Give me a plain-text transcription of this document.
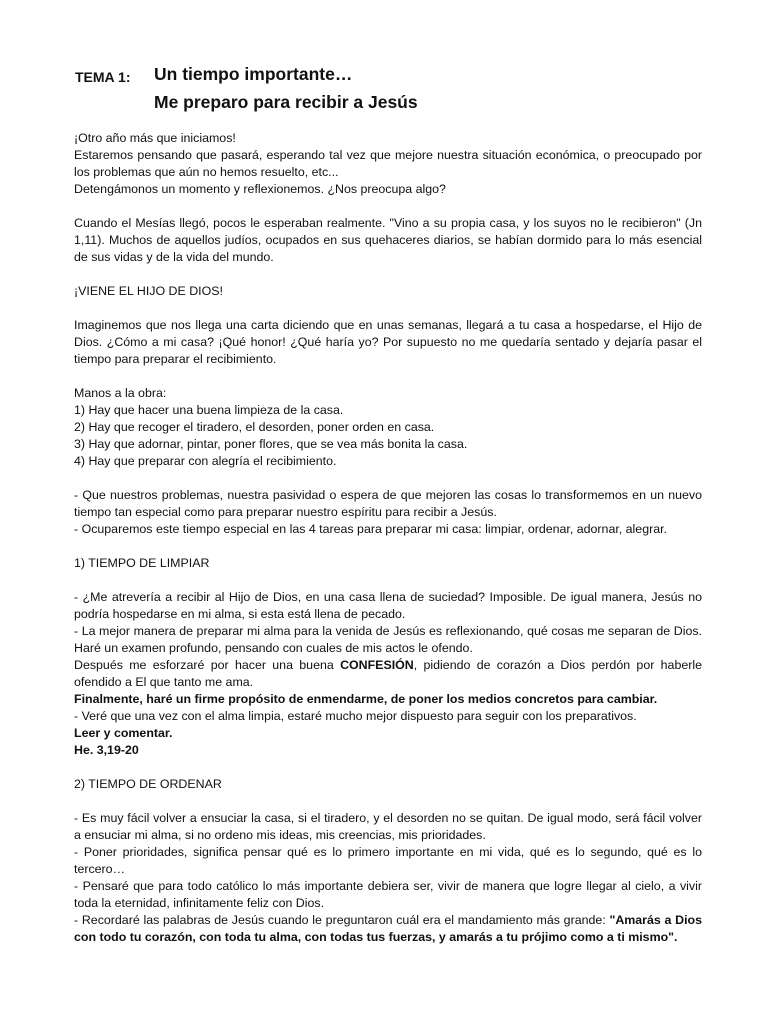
TEMA 1: Un tiempo importante…
Me preparo para recibir a Jesús

¡Otro año más que iniciamos!
Estaremos pensando que pasará, esperando tal vez que mejore nuestra situación económica, o preocupado por los problemas que aún no hemos resuelto, etc...
Detengámonos un momento y reflexionemos. ¿Nos preocupa algo?

Cuando el Mesías llegó, pocos le esperaban realmente. "Vino a su propia casa, y los suyos no le recibieron" (Jn 1,11). Muchos de aquellos judíos, ocupados en sus quehaceres diarios, se habían dormido para lo más esencial de sus vidas y de la vida del mundo.

¡VIENE EL HIJO DE DIOS!

Imaginemos que nos llega una carta diciendo que en unas semanas, llegará a tu casa a hospedarse, el Hijo de Dios. ¿Cómo a mi casa? ¡Qué honor! ¿Qué haría yo? Por supuesto no me quedaría sentado y dejaría pasar el tiempo para preparar el recibimiento.

Manos a la obra:
1) Hay que hacer una buena limpieza de la casa.
2) Hay que recoger el tiradero, el desorden, poner orden en casa.
3) Hay que adornar, pintar, poner flores, que se vea más bonita la casa.
4) Hay que preparar con alegría el recibimiento.

- Que nuestros problemas, nuestra pasividad o espera de que mejoren las cosas lo transformemos en un nuevo tiempo tan especial como para preparar nuestro espíritu para recibir a Jesús.
- Ocuparemos este tiempo especial en las 4 tareas para preparar mi casa: limpiar, ordenar, adornar, alegrar.

1) TIEMPO DE LIMPIAR

- ¿Me atrevería a recibir al Hijo de Dios, en una casa llena de suciedad? Imposible. De igual manera, Jesús no podría hospedarse en mi alma, si esta está llena de pecado.
- La mejor manera de preparar mi alma para la venida de Jesús es reflexionando, qué cosas me separan de Dios. Haré un examen profundo, pensando con cuales de mis actos le ofendo.
Después me esforzaré por hacer una buena CONFESIÓN, pidiendo de corazón a Dios perdón por haberle ofendido a El que tanto me ama.
Finalmente, haré un firme propósito de enmendarme, de poner los medios concretos para cambiar.
- Veré que una vez con el alma limpia, estaré mucho mejor dispuesto para seguir con los preparativos.
Leer y comentar.
He. 3,19-20

2) TIEMPO DE ORDENAR

- Es muy fácil volver a ensuciar la casa, si el tiradero, y el desorden no se quitan. De igual modo, será fácil volver a ensuciar mi alma, si no ordeno mis ideas, mis creencias, mis prioridades.
- Poner prioridades, significa pensar qué es lo primero importante en mi vida, qué es lo segundo, qué es lo tercero…
- Pensaré que para todo católico lo más importante debiera ser, vivir de manera que logre llegar al cielo, a vivir toda la eternidad, infinitamente feliz con Dios.
- Recordaré las palabras de Jesús cuando le preguntaron cuál era el mandamiento más grande: "Amarás a Dios con todo tu corazón, con toda tu alma, con todas tus fuerzas, y amarás a tu prójimo como a ti mismo".
